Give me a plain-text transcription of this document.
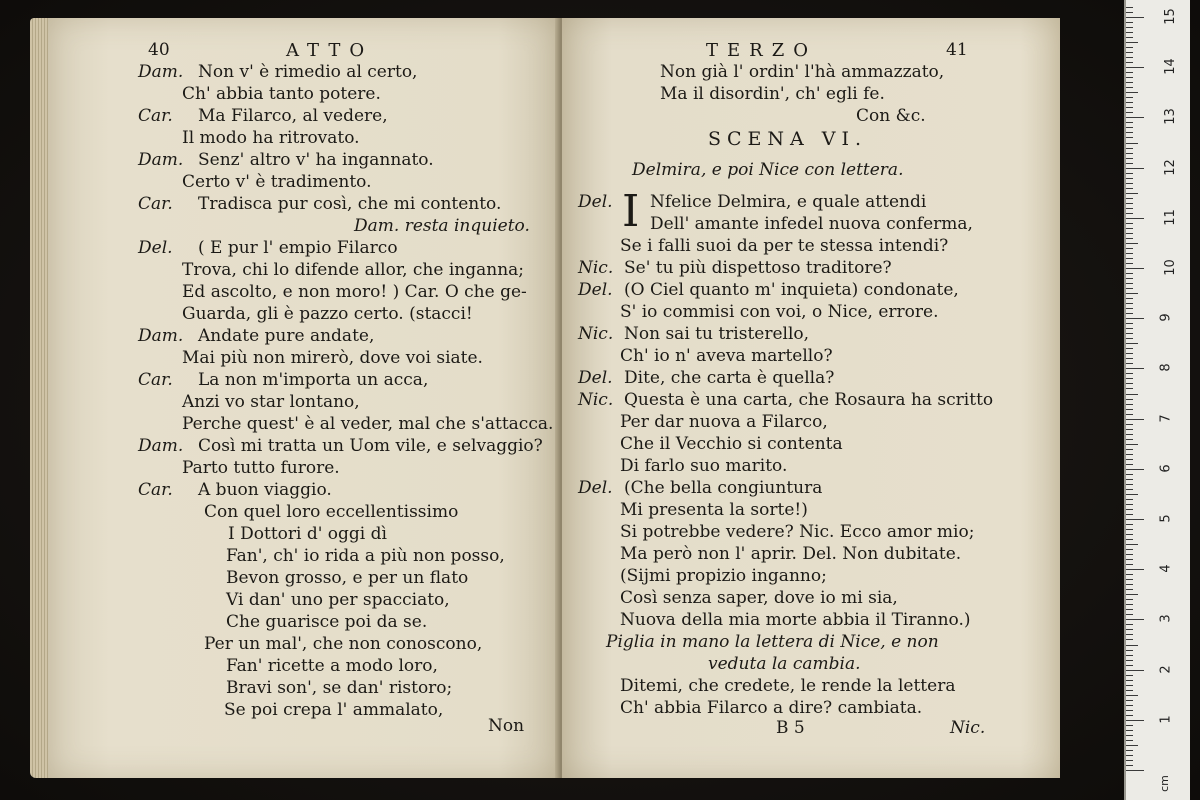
40	ATTO
Dam. Non v' è rimedio al certo,
Ch' abbia tanto potere.
Car. Ma Filarco, al vedere,
Il modo ha ritrovato.
Dam. Senz' altro v' ha ingannato.
Certo v' è tradimento.
Car. Tradisca pur così, che mi contento.
Dam. resta inquieto.
Del. ( E pur l' empio Filarco
Trova, chi lo difende allor, che inganna;
Ed ascolto, e non moro! ) Car. O che ge-
Guarda, gli è pazzo certo. (stacci!
Dam. Andate pure andate,
Mai più non mirerò, dove voi siate.
Car. La non m'importa un acca,
Anzi vo star lontano,
Perche quest' è al veder, mal che s'attacca.
Dam. Così mi tratta un Uom vile, e selvaggio?
Parto tutto furore.
Car. A buon viaggio.
Con quel loro eccellentissimo
I Dottori d' oggi dì
Fan', ch' io rida a più non posso,
Bevon grosso, e per un flato
Vi dan' uno per spacciato,
Che guarisce poi da se.
Per un mal', che non conoscono,
Fan' ricette a modo loro,
Bravi son', se dan' ristoro;
Se poi crepa l' ammalato,
Non
TERZO	41
Non già l' ordin' l'hà ammazzato,
Ma il disordin', ch' egli fe.
Con &c.
SCENA VI.
Delmira, e poi Nice con lettera.
I
Del. Nfelice Delmira, e quale attendi
Dell' amante infedel nuova conferma,
Se i falli suoi da per te stessa intendi?
Nic. Se' tu più dispettoso traditore?
Del. (O Ciel quanto m' inquieta) condonate,
S' io commisi con voi, o Nice, errore.
Nic. Non sai tu tristerello,
Ch' io n' aveva martello?
Del. Dite, che carta è quella?
Nic. Questa è una carta, che Rosaura ha scritto
Per dar nuova a Filarco,
Che il Vecchio si contenta
Di farlo suo marito.
Del. (Che bella congiuntura
Mi presenta la sorte!)
Si potrebbe vedere? Nic. Ecco amor mio;
Ma però non l' aprir. Del. Non dubitate.
(Sijmi propizio inganno;
Così senza saper, dove io mi sia,
Nuova della mia morte abbia il Tiranno.)
Piglia in mano la lettera di Nice, e non
veduta la cambia.
Ditemi, che credete, le rende la lettera
Ch' abbia Filarco a dire? cambiata.
B 5	Nic.	1
2
3
4
5
6
7
8
9
10
11
12
13
14
15
cm
